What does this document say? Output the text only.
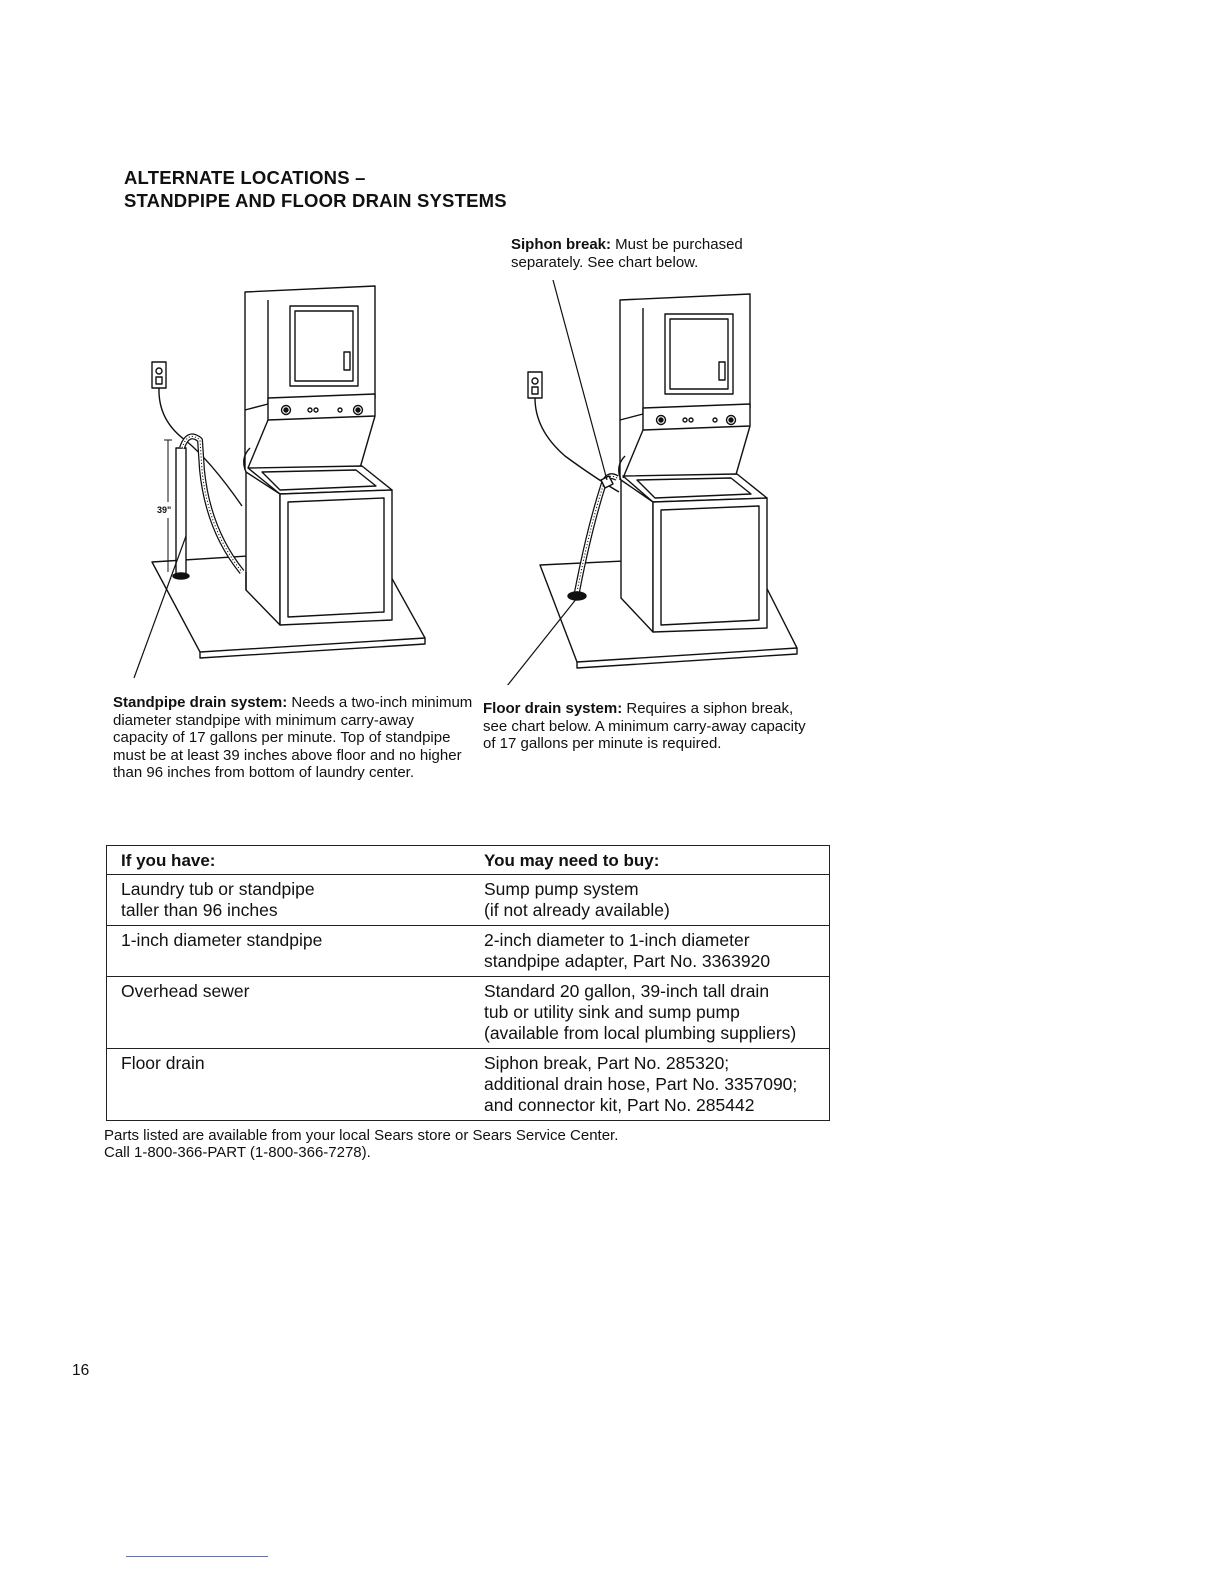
ALTERNATE LOCATIONS –
STANDPIPE AND FLOOR DRAIN SYSTEMS
Siphon break: Must be purchased separately. See chart below.
39"
Standpipe drain system: Needs a two-inch minimum diameter standpipe with minimum carry-away capacity of 17 gallons per minute. Top of standpipe must be at least 39 inches above floor and no higher than 96 inches from bottom of laundry center.
Floor drain system: Requires a siphon break, see chart below. A minimum carry-away capacity of 17 gallons per minute is required.
If you have:	You may need to buy:
Laundry tub or standpipe
taller than 96 inches	Sump pump system
(if not already available)
1-inch diameter standpipe	2-inch diameter to 1-inch diameter
standpipe adapter, Part No. 3363920
Overhead sewer	Standard 20 gallon, 39-inch tall drain
tub or utility sink and sump pump
(available from local plumbing suppliers)
Floor drain	Siphon break, Part No. 285320;
additional drain hose, Part No. 3357090;
and connector kit, Part No. 285442
Parts listed are available from your local Sears store or Sears Service Center.
Call 1-800-366-PART (1-800-366-7278).
16
